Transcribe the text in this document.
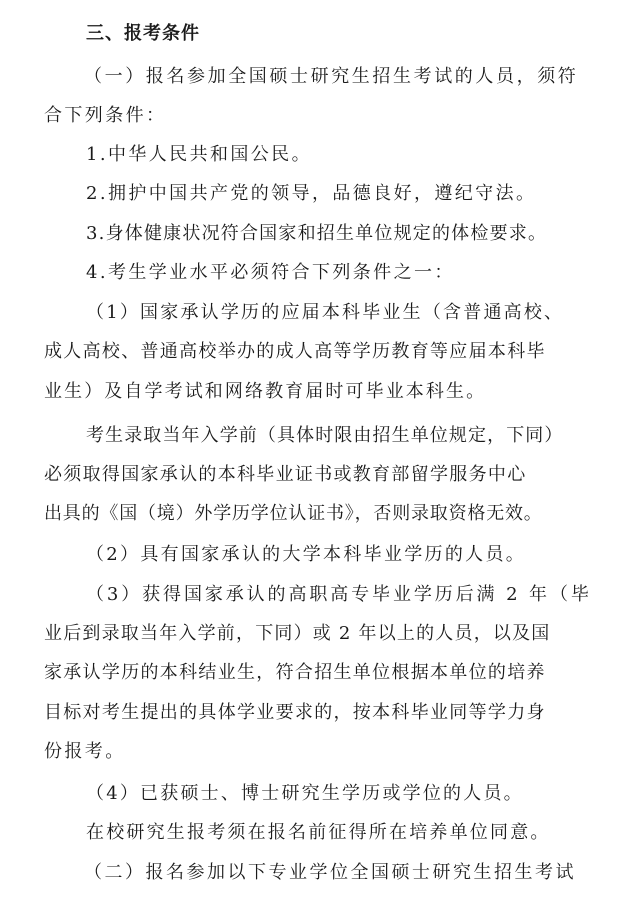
三、报考条件
（一）报名参加全国硕士研究生招生考试的人员，须符
合下列条件：
1.中华人民共和国公民。
2.拥护中国共产党的领导，品德良好，遵纪守法。
3.身体健康状况符合国家和招生单位规定的体检要求。
4.考生学业水平必须符合下列条件之一：
（1）国家承认学历的应届本科毕业生（含普通高校、
成人高校、普通高校举办的成人高等学历教育等应届本科毕
业生）及自学考试和网络教育届时可毕业本科生。
考生录取当年入学前（具体时限由招生单位规定，下同）
必须取得国家承认的本科毕业证书或教育部留学服务中心
出具的《国（境）外学历学位认证书》，否则录取资格无效。
（2）具有国家承认的大学本科毕业学历的人员。
（3）获得国家承认的高职高专毕业学历后满 2 年（毕
业后到录取当年入学前，下同）或 2 年以上的人员，以及国
家承认学历的本科结业生，符合招生单位根据本单位的培养
目标对考生提出的具体学业要求的，按本科毕业同等学力身
份报考。
（4）已获硕士、博士研究生学历或学位的人员。
在校研究生报考须在报名前征得所在培养单位同意。
（二）报名参加以下专业学位全国硕士研究生招生考试
